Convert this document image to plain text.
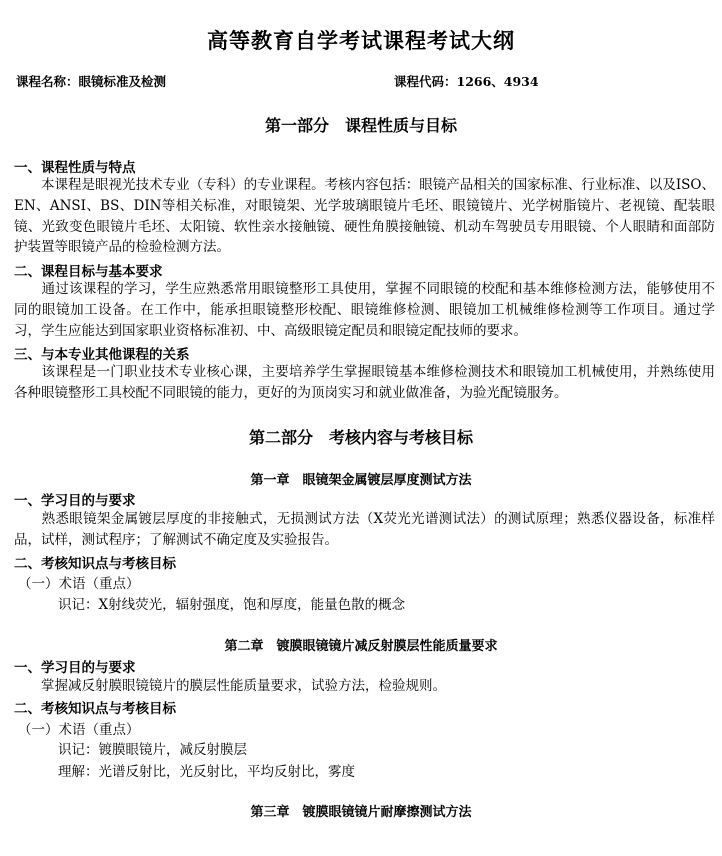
高等教育自学考试课程考试大纲
课程名称：眼镜标准及检测	课程代码：1266、4934
第一部分　课程性质与目标
一、课程性质与特点
　　本课程是眼视光技术专业（专科）的专业课程。考核内容包括：眼镜产品相关的国家标准、行业标准、以及ISO、EN、ANSI、BS、DIN等相关标准，对眼镜架、光学玻璃眼镜片毛坯、眼镜镜片、光学树脂镜片、老视镜、配装眼镜、光致变色眼镜片毛坯、太阳镜、软性亲水接触镜、硬性角膜接触镜、机动车驾驶员专用眼镜、个人眼睛和面部防护装置等眼镜产品的检验检测方法。
二、课程目标与基本要求
　　通过该课程的学习，学生应熟悉常用眼镜整形工具使用，掌握不同眼镜的校配和基本维修检测方法，能够使用不同的眼镜加工设备。在工作中，能承担眼镜整形校配、眼镜维修检测、眼镜加工机械维修检测等工作项目。通过学习，学生应能达到国家职业资格标准初、中、高级眼镜定配员和眼镜定配技师的要求。
三、与本专业其他课程的关系
　　该课程是一门职业技术专业核心课，主要培养学生掌握眼镜基本维修检测技术和眼镜加工机械使用，并熟练使用各种眼镜整形工具校配不同眼镜的能力，更好的为顶岗实习和就业做准备，为验光配镜服务。
第二部分　考核内容与考核目标
第一章　眼镜架金属镀层厚度测试方法
一、学习目的与要求
　　熟悉眼镜架金属镀层厚度的非接触式，无损测试方法（X荧光光谱测试法）的测试原理；熟悉仪器设备，标准样品，试样，测试程序；了解测试不确定度及实验报告。
二、考核知识点与考核目标
（一）术语（重点）
识记：X射线荧光，辐射强度，饱和厚度，能量色散的概念
第二章　镀膜眼镜镜片减反射膜层性能质量要求
一、学习目的与要求
　　掌握减反射膜眼镜镜片的膜层性能质量要求，试验方法，检验规则。
二、考核知识点与考核目标
（一）术语（重点）
识记：镀膜眼镜片，减反射膜层
理解：光谱反射比，光反射比，平均反射比，雾度
第三章　镀膜眼镜镜片耐摩擦测试方法
